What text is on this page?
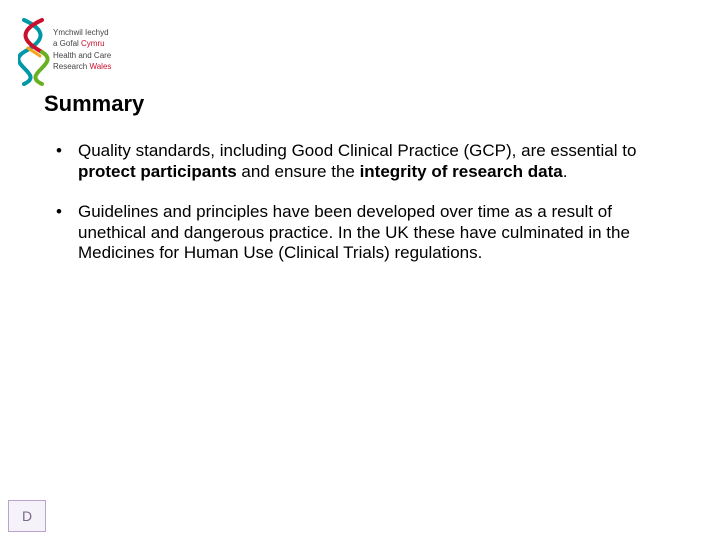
Ymchwil Iechyd
a Gofal Cymru
Health and Care
Research Wales
Summary
• Quality standards, including Good Clinical Practice (GCP), are essential to protect participants and ensure the integrity of research data.
• Guidelines and principles have been developed over time as a result of unethical and dangerous practice. In the UK these have culminated in the Medicines for Human Use (Clinical Trials) regulations.
D
